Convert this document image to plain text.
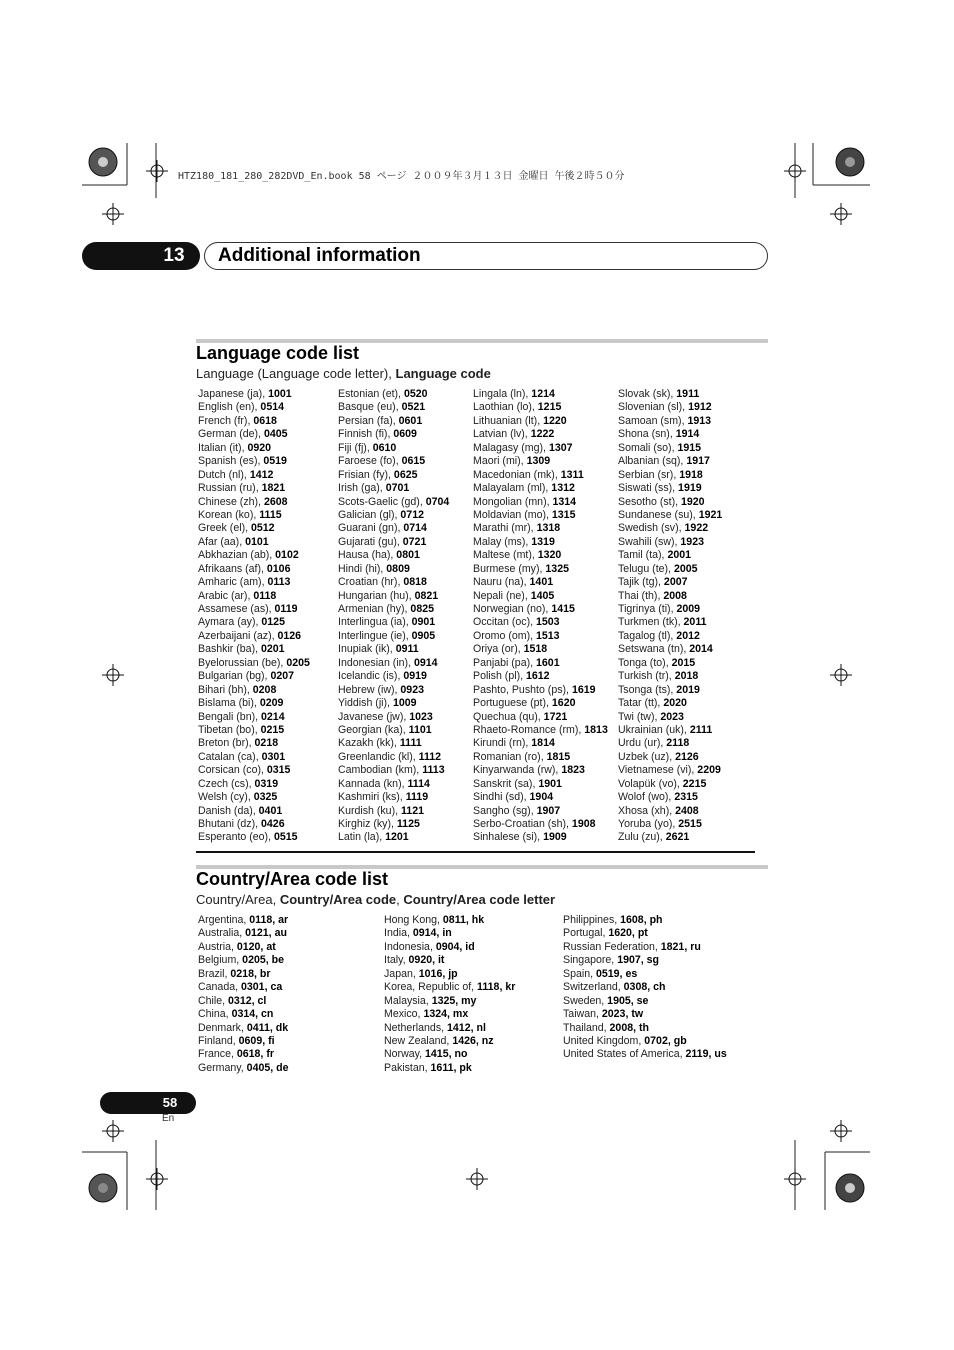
HTZ180_181_280_282DVD_En.book 58 ページ ２００９年３月１３日 金曜日 午後２時５０分
13	Additional information
Language code list
Language (Language code letter), Language code
Japanese (ja), 1001
English (en), 0514
French (fr), 0618
German (de), 0405
Italian (it), 0920
Spanish (es), 0519
Dutch (nl), 1412
Russian (ru), 1821
Chinese (zh), 2608
Korean (ko), 1115
Greek (el), 0512
Afar (aa), 0101
Abkhazian (ab), 0102
Afrikaans (af), 0106
Amharic (am), 0113
Arabic (ar), 0118
Assamese (as), 0119
Aymara (ay), 0125
Azerbaijani (az), 0126
Bashkir (ba), 0201
Byelorussian (be), 0205
Bulgarian (bg), 0207
Bihari (bh), 0208
Bislama (bi), 0209
Bengali (bn), 0214
Tibetan (bo), 0215
Breton (br), 0218
Catalan (ca), 0301
Corsican (co), 0315
Czech (cs), 0319
Welsh (cy), 0325
Danish (da), 0401
Bhutani (dz), 0426
Esperanto (eo), 0515
Estonian (et), 0520
Basque (eu), 0521
Persian (fa), 0601
Finnish (fi), 0609
Fiji (fj), 0610
Faroese (fo), 0615
Frisian (fy), 0625
Irish (ga), 0701
Scots-Gaelic (gd), 0704
Galician (gl), 0712
Guarani (gn), 0714
Gujarati (gu), 0721
Hausa (ha), 0801
Hindi (hi), 0809
Croatian (hr), 0818
Hungarian (hu), 0821
Armenian (hy), 0825
Interlingua (ia), 0901
Interlingue (ie), 0905
Inupiak (ik), 0911
Indonesian (in), 0914
Icelandic (is), 0919
Hebrew (iw), 0923
Yiddish (ji), 1009
Javanese (jw), 1023
Georgian (ka), 1101
Kazakh (kk), 1111
Greenlandic (kl), 1112
Cambodian (km), 1113
Kannada (kn), 1114
Kashmiri (ks), 1119
Kurdish (ku), 1121
Kirghiz (ky), 1125
Latin (la), 1201
Lingala (ln), 1214
Laothian (lo), 1215
Lithuanian (lt), 1220
Latvian (lv), 1222
Malagasy (mg), 1307
Maori (mi), 1309
Macedonian (mk), 1311
Malayalam (ml), 1312
Mongolian (mn), 1314
Moldavian (mo), 1315
Marathi (mr), 1318
Malay (ms), 1319
Maltese (mt), 1320
Burmese (my), 1325
Nauru (na), 1401
Nepali (ne), 1405
Norwegian (no), 1415
Occitan (oc), 1503
Oromo (om), 1513
Oriya (or), 1518
Panjabi (pa), 1601
Polish (pl), 1612
Pashto, Pushto (ps), 1619
Portuguese (pt), 1620
Quechua (qu), 1721
Rhaeto-Romance (rm), 1813
Kirundi (rn), 1814
Romanian (ro), 1815
Kinyarwanda (rw), 1823
Sanskrit (sa), 1901
Sindhi (sd), 1904
Sangho (sg), 1907
Serbo-Croatian (sh), 1908
Sinhalese (si), 1909
Slovak (sk), 1911
Slovenian (sl), 1912
Samoan (sm), 1913
Shona (sn), 1914
Somali (so), 1915
Albanian (sq), 1917
Serbian (sr), 1918
Siswati (ss), 1919
Sesotho (st), 1920
Sundanese (su), 1921
Swedish (sv), 1922
Swahili (sw), 1923
Tamil (ta), 2001
Telugu (te), 2005
Tajik (tg), 2007
Thai (th), 2008
Tigrinya (ti), 2009
Turkmen (tk), 2011
Tagalog (tl), 2012
Setswana (tn), 2014
Tonga (to), 2015
Turkish (tr), 2018
Tsonga (ts), 2019
Tatar (tt), 2020
Twi (tw), 2023
Ukrainian (uk), 2111
Urdu (ur), 2118
Uzbek (uz), 2126
Vietnamese (vi), 2209
Volapük (vo), 2215
Wolof (wo), 2315
Xhosa (xh), 2408
Yoruba (yo), 2515
Zulu (zu), 2621
Country/Area code list
Country/Area, Country/Area code, Country/Area code letter
Argentina, 0118, ar
Australia, 0121, au
Austria, 0120, at
Belgium, 0205, be
Brazil, 0218, br
Canada, 0301, ca
Chile, 0312, cl
China, 0314, cn
Denmark, 0411, dk
Finland, 0609, fi
France, 0618, fr
Germany, 0405, de
Hong Kong, 0811, hk
India, 0914, in
Indonesia, 0904, id
Italy, 0920, it
Japan, 1016, jp
Korea, Republic of, 1118, kr
Malaysia, 1325, my
Mexico, 1324, mx
Netherlands, 1412, nl
New Zealand, 1426, nz
Norway, 1415, no
Pakistan, 1611, pk
Philippines, 1608, ph
Portugal, 1620, pt
Russian Federation, 1821, ru
Singapore, 1907, sg
Spain, 0519, es
Switzerland, 0308, ch
Sweden, 1905, se
Taiwan, 2023, tw
Thailand, 2008, th
United Kingdom, 0702, gb
United States of America, 2119, us
58
En
